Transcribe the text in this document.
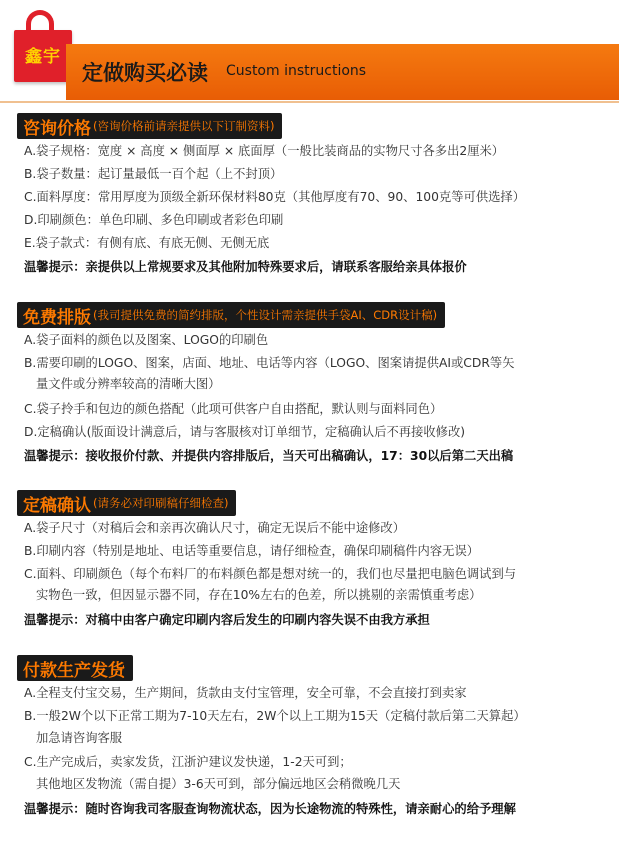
鑫宇
定做购买必读 Custom instructions
咨询价格 (咨询价格前请亲提供以下订制资料)
A.袋子规格：宽度 × 高度 × 侧面厚 × 底面厚（一般比装商品的实物尺寸各多出2厘米）
B.袋子数量：起订量最低一百个起（上不封顶）
C.面料厚度：常用厚度为顶级全新环保材料80克（其他厚度有70、90、100克等可供选择）
D.印刷颜色：单色印刷、多色印刷或者彩色印刷
E.袋子款式：有侧有底、有底无侧、无侧无底
温馨提示：亲提供以上常规要求及其他附加特殊要求后，请联系客服给亲具体报价
免费排版 (我司提供免费的简约排版，个性设计需亲提供手袋AI、CDR设计稿)
A.袋子面料的颜色以及图案、LOGO的印刷色
B.需要印刷的LOGO、图案，店面、地址、电话等内容（LOGO、图案请提供AI或CDR等矢
量文件或分辨率较高的清晰大图）
C.袋子拎手和包边的颜色搭配（此项可供客户自由搭配，默认则与面料同色）
D.定稿确认(版面设计满意后，请与客服核对订单细节，定稿确认后不再接收修改)
温馨提示：接收报价付款、并提供内容排版后，当天可出稿确认，17：30以后第二天出稿
定稿确认 (请务必对印刷稿仔细检查)
A.袋子尺寸（对稿后会和亲再次确认尺寸，确定无误后不能中途修改）
B.印刷内容（特别是地址、电话等重要信息，请仔细检查，确保印刷稿件内容无误）
C.面料、印刷颜色（每个布料厂的布料颜色都是想对统一的，我们也尽量把电脑色调试到与
实物色一致，但因显示器不同，存在10%左右的色差，所以挑剔的亲需慎重考虑）
温馨提示：对稿中由客户确定印刷内容后发生的印刷内容失误不由我方承担
付款生产发货
A.全程支付宝交易，生产期间，货款由支付宝管理，安全可靠，不会直接打到卖家
B.一般2W个以下正常工期为7-10天左右，2W个以上工期为15天（定稿付款后第二天算起）
加急请咨询客服
C.生产完成后，卖家发货，江浙沪建议发快递，1-2天可到；
其他地区发物流（需自提）3-6天可到，部分偏远地区会稍微晚几天
温馨提示：随时咨询我司客服查询物流状态，因为长途物流的特殊性，请亲耐心的给予理解
